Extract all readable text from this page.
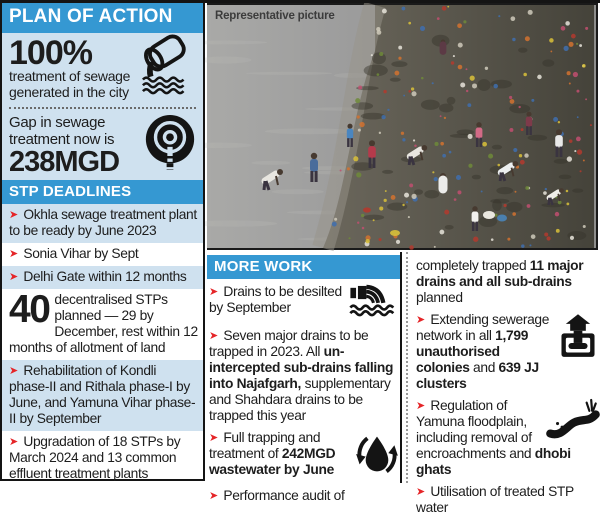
PLAN OF ACTION
100%
treatment of sewage
generated in the city
Gap in sewage
treatment now is
238MGD
STP DEADLINES
➤ Okhla sewage treatment plant to be ready by June 2023
➤ Sonia Vihar by Sept
➤ Delhi Gate within 12 months
40 decentralised STPs planned — 29 by December, rest within 12 months of allotment of land
➤ Rehabilitation of Kondli phase-II and Rithala phase-I by June, and Yamuna Vihar phase-II by September
➤ Upgradation of 18 STPs by March 2024 and 13 common effluent treatment plants
Representative picture
MORE WORK
➤ Drains to be desilted by September
➤ Seven major drains to be trapped in 2023. All un-intercepted sub-drains falling into Najafgarh, supplementary and Shahdara drains to be trapped this year
➤ Full trapping and treatment of 242MGD wastewater by June
➤ Performance audit of
completely trapped 11 major drains and all sub-drains planned
➤ Extending sewerage network in all 1,799 unauthorised colonies and 639 JJ clusters
➤ Regulation of Yamuna floodplain, including removal of encroachments and dhobi ghats
➤ Utilisation of treated STP water
